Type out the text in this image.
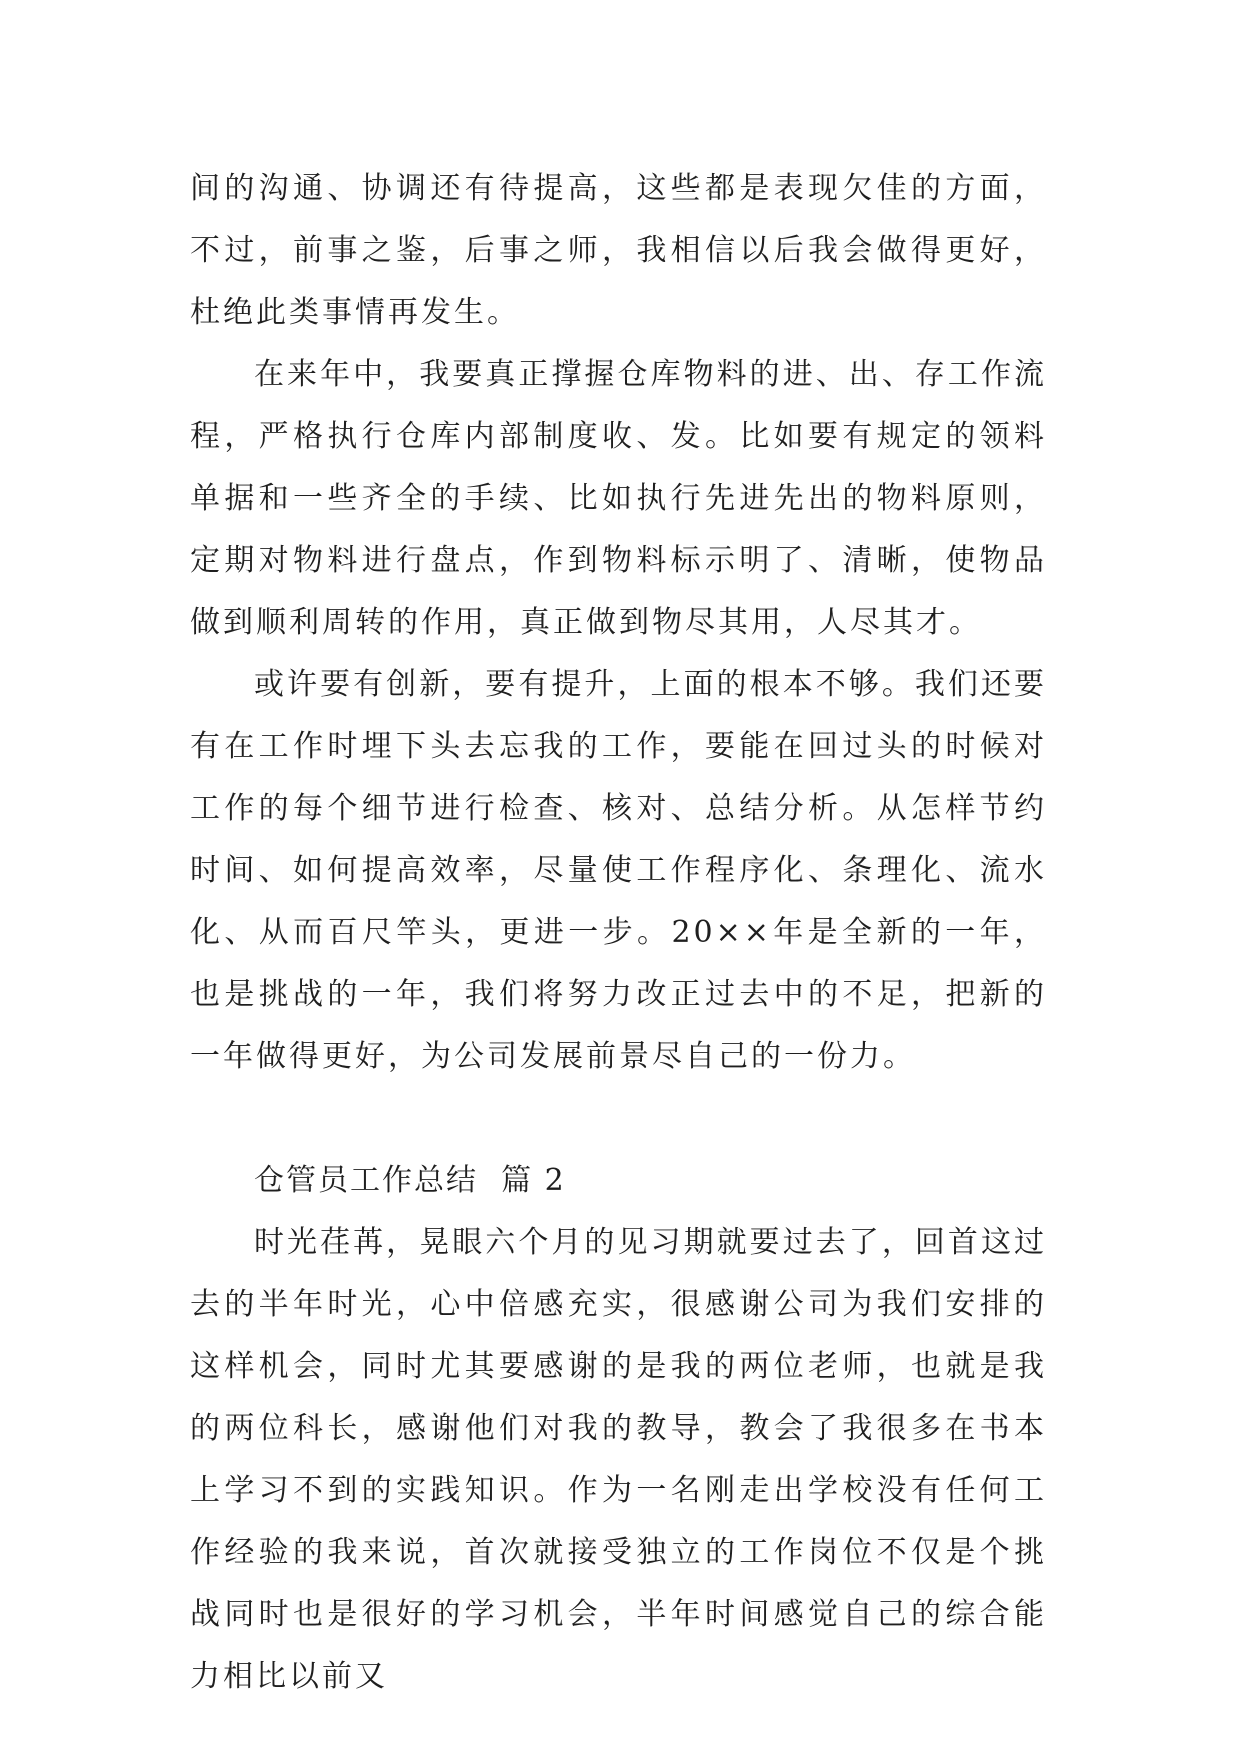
间的沟通、协调还有待提高，这些都是表现欠佳的方面，不过，前事之鉴，后事之师，我相信以后我会做得更好，杜绝此类事情再发生。

在来年中，我要真正撑握仓库物料的进、出、存工作流程，严格执行仓库内部制度收、发。比如要有规定的领料单据和一些齐全的手续、比如执行先进先出的物料原则，定期对物料进行盘点，作到物料标示明了、清晰，使物品做到顺利周转的作用，真正做到物尽其用，人尽其才。

或许要有创新，要有提升，上面的根本不够。我们还要有在工作时埋下头去忘我的工作，要能在回过头的时候对工作的每个细节进行检查、核对、总结分析。从怎样节约时间、如何提高效率，尽量使工作程序化、条理化、流水化、从而百尺竿头，更进一步。20××年是全新的一年，也是挑战的一年，我们将努力改正过去中的不足，把新的一年做得更好，为公司发展前景尽自己的一份力。

仓管员工作总结  篇 2

时光荏苒，晃眼六个月的见习期就要过去了，回首这过去的半年时光，心中倍感充实，很感谢公司为我们安排的这样机会，同时尤其要感谢的是我的两位老师，也就是我的两位科长，感谢他们对我的教导，教会了我很多在书本上学习不到的实践知识。作为一名刚走出学校没有任何工作经验的我来说，首次就接受独立的工作岗位不仅是个挑战同时也是很好的学习机会，半年时间感觉自己的综合能力相比以前又
